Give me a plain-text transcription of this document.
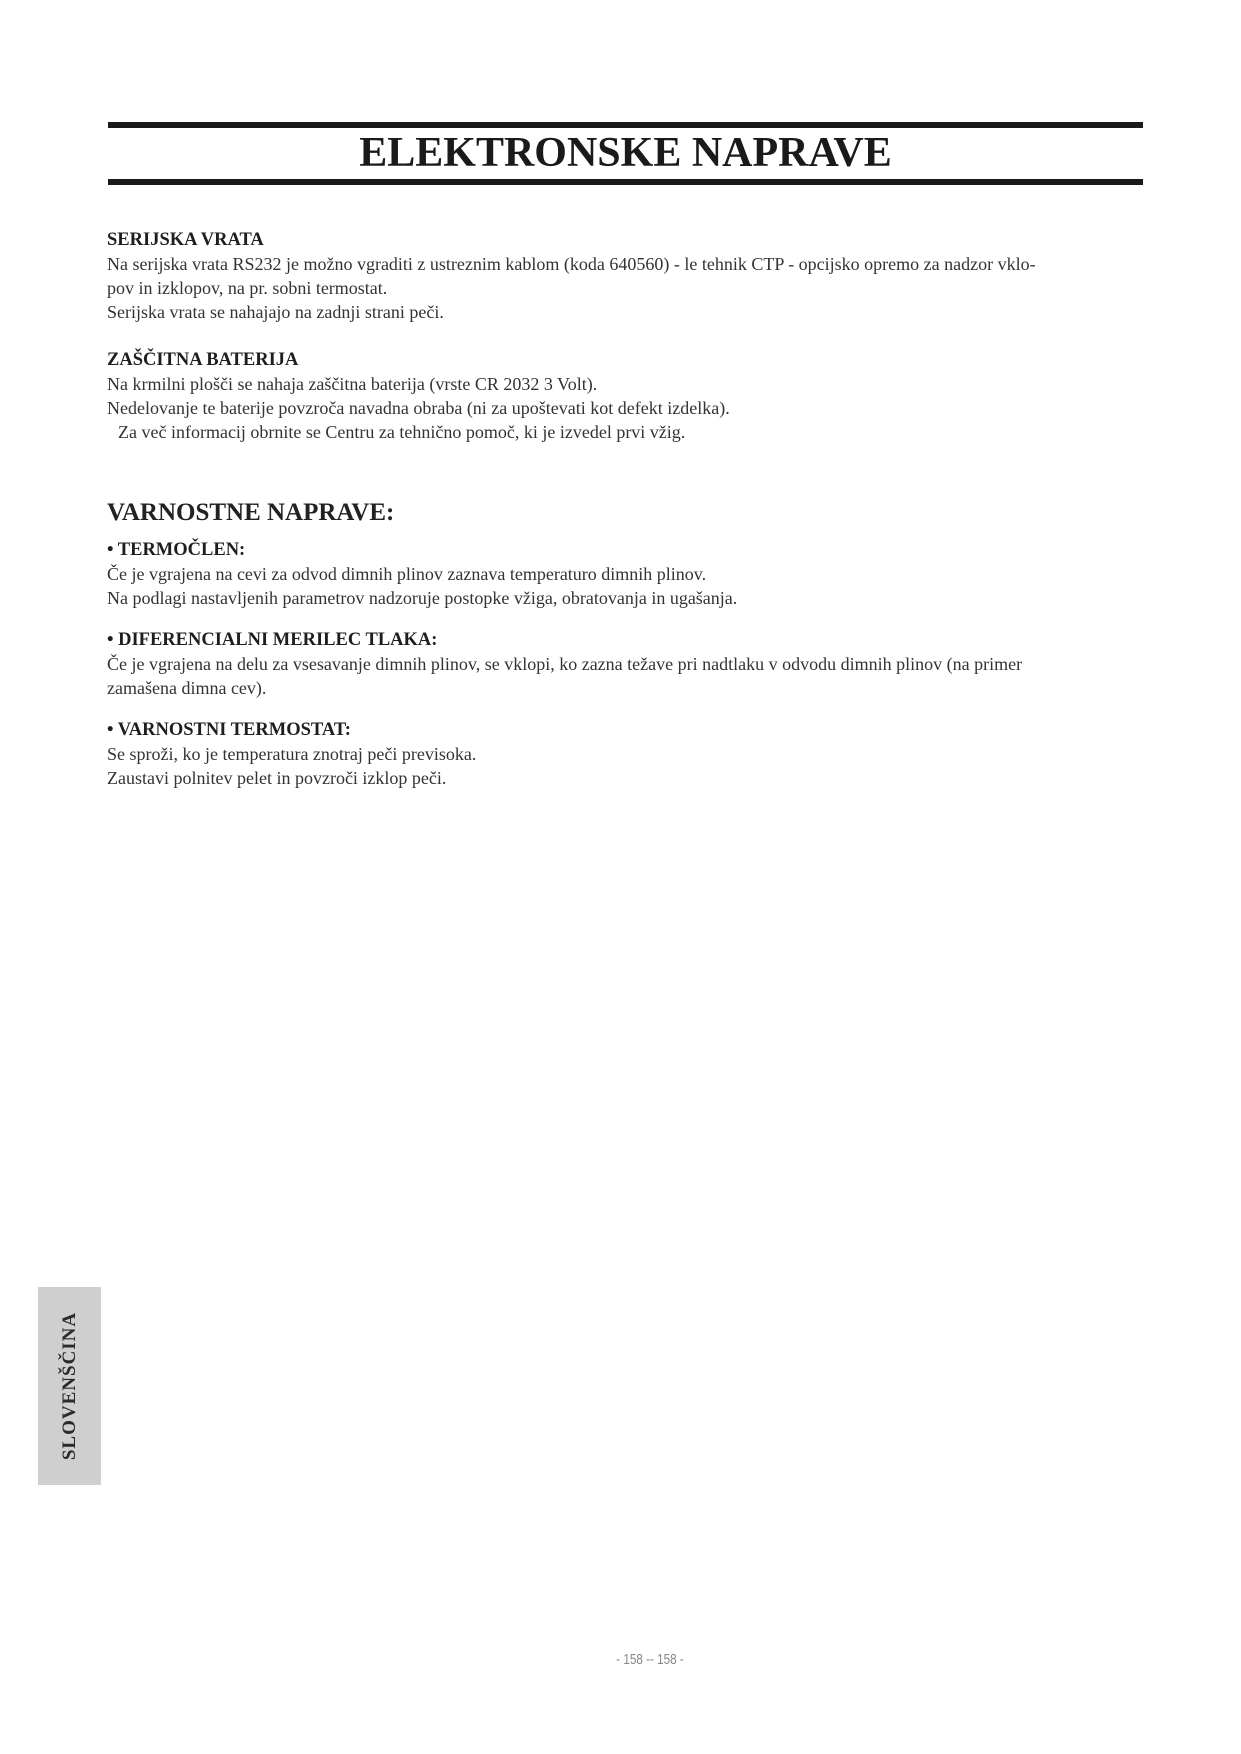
ELEKTRONSKE NAPRAVE
SERIJSKA VRATA
Na serijska vrata RS232 je možno vgraditi z ustreznim kablom (koda 640560) - le tehnik CTP - opcijsko opremo za nadzor vklo-
pov in izklopov, na pr. sobni termostat.
Serijska vrata se nahajajo na zadnji strani peči.
ZAŠČITNA BATERIJA
Na krmilni plošči se nahaja zaščitna baterija (vrste CR 2032 3 Volt).
Nedelovanje te baterije povzroča navadna obraba (ni za upoštevati kot defekt izdelka).
Za več informacij obrnite se Centru za tehnično pomoč, ki je izvedel prvi vžig.
VARNOSTNE NAPRAVE:
• TERMOČLEN:
Če je vgrajena na cevi za odvod dimnih plinov zaznava temperaturo dimnih plinov.
Na podlagi nastavljenih parametrov nadzoruje postopke vžiga, obratovanja in ugašanja.
• DIFERENCIALNI MERILEC TLAKA:
Če je vgrajena na delu za vsesavanje dimnih plinov, se vklopi, ko zazna težave pri nadtlaku v odvodu dimnih plinov (na primer
zamašena dimna cev).
• VARNOSTNI TERMOSTAT:
Se sproži, ko je temperatura znotraj peči previsoka.
Zaustavi polnitev pelet in povzroči izklop peči.
SLOVENŠČINA
- 158 -- 158 -
